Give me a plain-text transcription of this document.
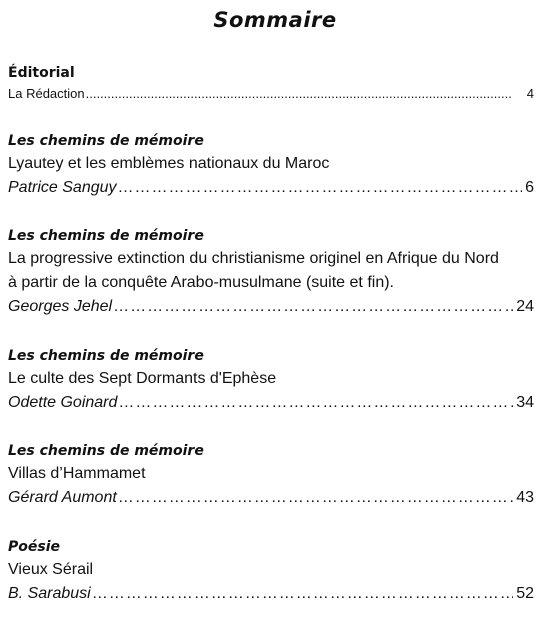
Sommaire
Éditorial
La Rédaction .....	4
Les chemins de mémoire
Lyautey et les emblèmes nationaux du Maroc
Patrice Sanguy …………………………………………………………………………………………………………………………………………………………………………………………………………	6
Les chemins de mémoire
La progressive extinction du christianisme originel en Afrique du Nord
à partir de la conquête Arabo-musulmane (suite et fin).
Georges Jehel …………………………………………………………………………………………………………………………………………………………………………………………………………	24
Les chemins de mémoire
Le culte des Sept Dormants d'Ephèse
Odette Goinard …………………………………………………………………………………………………………………………………………………………………………………………………………	34
Les chemins de mémoire
Villas d’Hammamet
Gérard Aumont …………………………………………………………………………………………………………………………………………………………………………………………………………	43
Poésie
Vieux Sérail
B. Sarabusi …………………………………………………………………………………………………………………………………………………………………………………………………………	52
